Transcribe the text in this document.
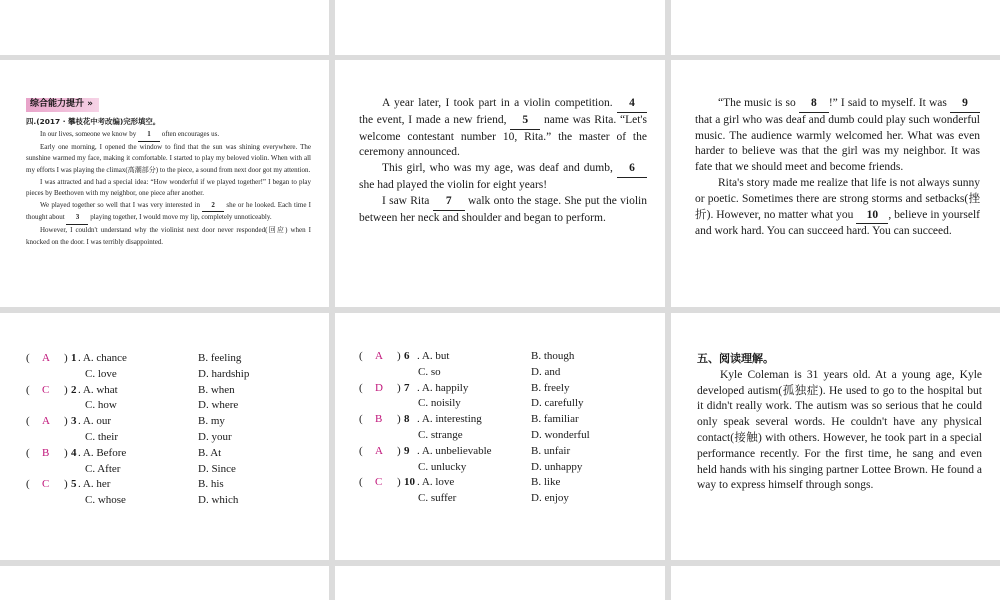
综合能力提升 »
四.(2017 · 攀枝花中考改编)完形填空。

In our lives, someone we know by 1 often encourages us.

Early one morning, I opened the window to find that the sun was shining everywhere. The sunshine warmed my face, making it comfortable. I started to play my beloved violin. When with all my efforts I was playing the climax(高潮部分) to the piece, a sound from next door got my attention.

I was attracted and had a special idea: “How wonderful if we played together!” I began to play pieces by Beethoven with my neighbor, one piece after another.

We played together so well that I was very interested in 2 she or he looked. Each time I thought about 3 playing together, I would move my lip, completely unnoticeably.

However, I couldn't understand why the violinist next door never responded(回应) when I knocked on the door. I was terribly disappointed.

A year later, I took part in a violin competition. 4 the event, I made a new friend, 5 name was Rita. “Let's welcome contestant number 10, Rita.” the master of the ceremony announced.

This girl, who was my age, was deaf and dumb, 6 she had played the violin for eight years!

I saw Rita 7 walk onto the stage. She put the violin between her neck and shoulder and began to perform.

“The music is so 8 !” I said to myself. It was 9 that a girl who was deaf and dumb could play such wonderful music. The audience warmly welcomed her. What was even harder to believe was that the girl was my neighbor. It was fate that we should meet and become friends.

Rita's story made me realize that life is not always sunny or poetic. Sometimes there are strong storms and setbacks(挫折). However, no matter what you 10 , believe in yourself and work hard. You can succeed hard. You can succeed.

( A ) 1 . A. chance	B. feeling
C. love	D. hardship
( C ) 2 . A. what	B. when
C. how	D. where
( A ) 3 . A. our	B. my
C. their	D. your
( B ) 4 . A. Before	B. At
C. After	D. Since
( C ) 5 . A. her	B. his
C. whose	D. which
( A ) 6 . A. but	B. though
C. so	D. and
( D ) 7 . A. happily	B. freely
C. noisily	D. carefully
( B ) 8 . A. interesting	B. familiar
C. strange	D. wonderful
( A ) 9 . A. unbelievable	B. unfair
C. unlucky	D. unhappy
( C ) 10 . A. love	B. like
C. suffer	D. enjoy
五、阅读理解。

Kyle Coleman is 31 years old. At a young age, Kyle developed autism(孤独症). He used to go to the hospital but it didn't really work. The autism was so serious that he could only speak several words. He couldn't have any physical contact(接触) with others. However, he took part in a special performance recently. For the first time, he sang and even held hands with his singing partner Lottee Brown. He found a way to express himself through songs.
